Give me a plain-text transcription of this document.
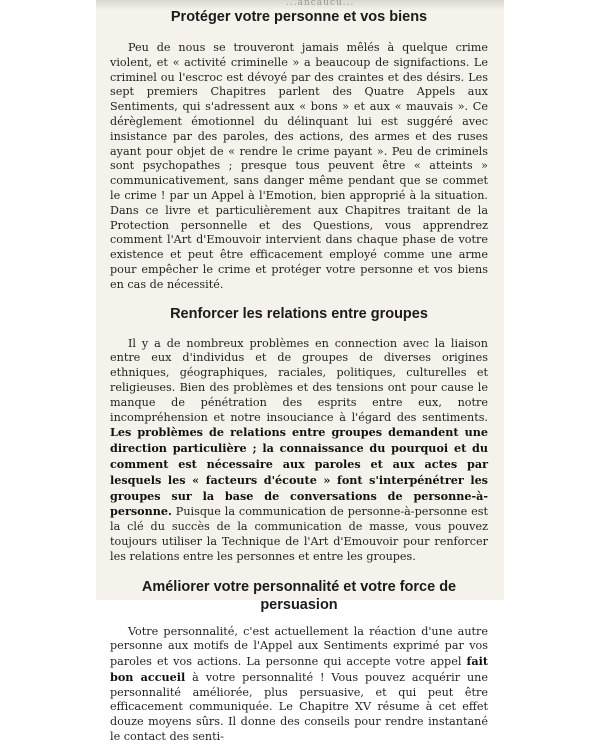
...ancaucu...
Protéger votre personne et vos biens

Peu de nous se trouveront jamais mêlés à quelque crime violent, et « activité criminelle » a beaucoup de signifactions. Le criminel ou l'escroc est dévoyé par des craintes et des désirs. Les sept premiers Chapitres parlent des Quatre Appels aux Sentiments, qui s'adressent aux « bons » et aux « mauvais ». Ce dérèglement émotionnel du délinquant lui est suggéré avec insistance par des paroles, des actions, des armes et des ruses ayant pour objet de « rendre le crime payant ». Peu de criminels sont psychopathes ; presque tous peuvent être « atteints » communicativement, sans danger même pendant que se commet le crime ! par un Appel à l'Emotion, bien approprié à la situation. Dans ce livre et particulièrement aux Chapitres traitant de la Protection personnelle et des Questions, vous apprendrez comment l'Art d'Emouvoir intervient dans chaque phase de votre existence et peut être efficacement employé comme une arme pour empêcher le crime et protéger votre personne et vos biens en cas de nécessité.

Renforcer les relations entre groupes

Il y a de nombreux problèmes en connection avec la liaison entre eux d'individus et de groupes de diverses origines ethniques, géographiques, raciales, politiques, culturelles et religieuses. Bien des problèmes et des tensions ont pour cause le manque de pénétration des esprits entre eux, notre incompréhension et notre insouciance à l'égard des sentiments. Les problèmes de relations entre groupes demandent une direction particulière ; la connaissance du pourquoi et du comment est nécessaire aux paroles et aux actes par lesquels les « facteurs d'écoute » font s'interpénétrer les groupes sur la base de conversations de personne-à-personne. Puisque la communication de personne-à-personne est la clé du succès de la communication de masse, vous pouvez toujours utiliser la Technique de l'Art d'Emouvoir pour renforcer les relations entre les personnes et entre les groupes.

Améliorer votre personnalité et votre force de persuasion

Votre personnalité, c'est actuellement la réaction d'une autre personne aux motifs de l'Appel aux Sentiments exprimé par vos paroles et vos actions. La personne qui accepte votre appel fait bon accueil à votre personnalité ! Vous pouvez acquérir une personnalité améliorée, plus persuasive, et qui peut être efficacement communiquée. Le Chapitre XV résume à cet effet douze moyens sûrs. Il donne des conseils pour rendre instantané le contact des senti-
